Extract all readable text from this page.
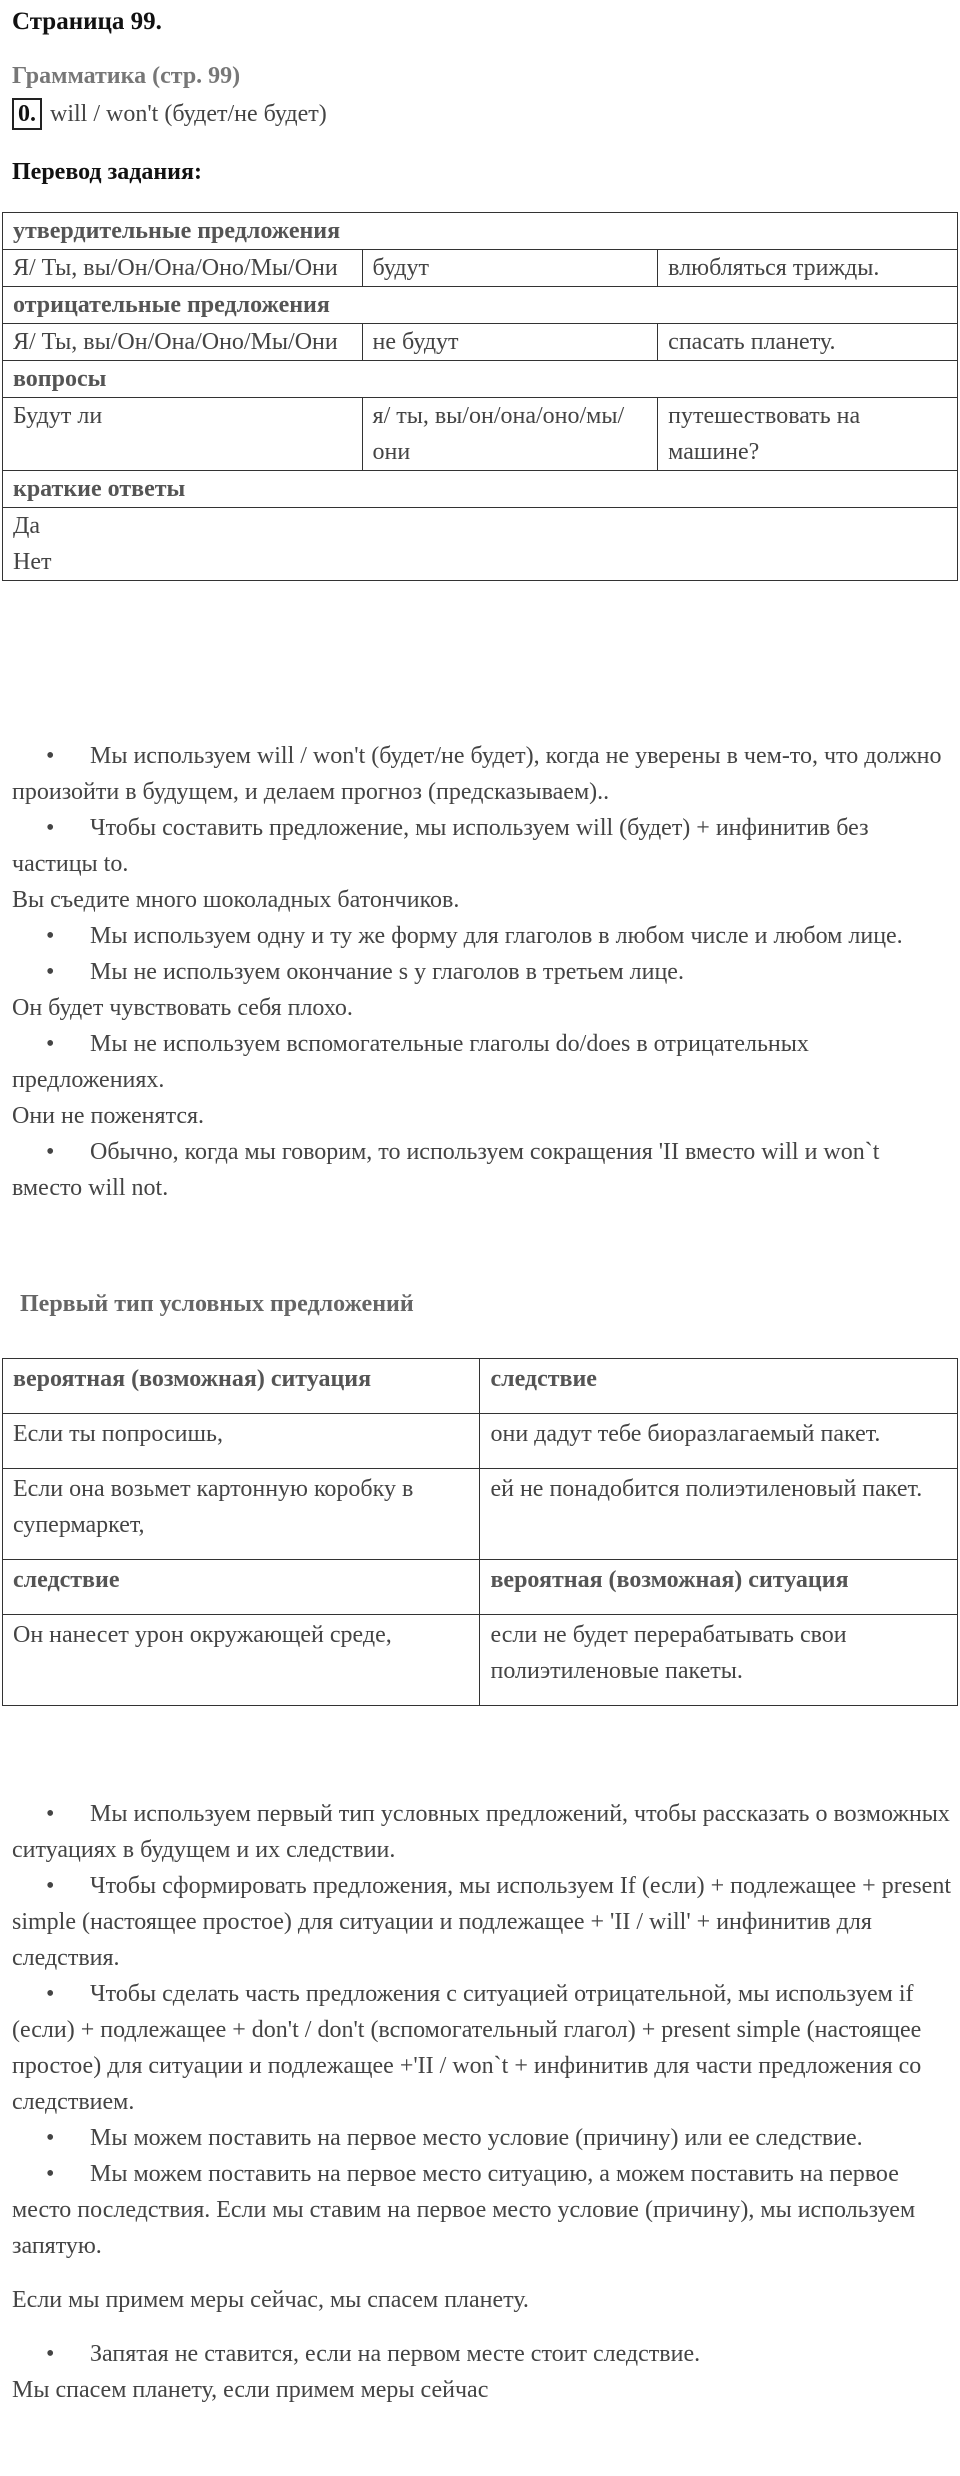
Страница 99.
Грамматика (стр. 99)
0. will / won't (будет/не будет)
Перевод задания:
утвердительные предложения		
Я/ Ты, вы/Он/Она/Оно/Мы/Они	будут	влюбляться трижды.
отрицательные предложения		
Я/ Ты, вы/Он/Она/Оно/Мы/Они	не будут	спасать планету.
вопросы		
Будут ли	я/ ты, вы/он/она/оно/мы/они	путешествовать на машине?
краткие ответы		

Да
Нет		
• Мы используем will / won't (будет/не будет), когда не уверены в чем-то, что должно произойти в будущем, и делаем прогноз (предсказываем)..
• Чтобы составить предложение, мы используем will (будет) + инфинитив без частицы to.
Вы съедите много шоколадных батончиков.
• Мы используем одну и ту же форму для глаголов в любом числе и любом лице.
• Мы не используем окончание s у глаголов в третьем лице.
Он будет чувствовать себя плохо.
• Мы не используем вспомогательные глаголы do/does в отрицательных предложениях.
Они не поженятся.
• Обычно, когда мы говорим, то используем сокращения 'II вместо will и won`t вместо will not.
Первый тип условных предложений
вероятная (возможная) ситуация	следствие
Если ты попросишь,	они дадут тебе биоразлагаемый пакет.
Если она возьмет картонную коробку в супермаркет,	ей не понадобится полиэтиленовый пакет.
следствие	вероятная (возможная) ситуация
Он нанесет урон окружающей среде,	если не будет перерабатывать свои полиэтиленовые пакеты.
• Мы используем первый тип условных предложений, чтобы рассказать о возможных ситуациях в будущем и их следствии.
• Чтобы сформировать предложения, мы используем If (если) + подлежащее + present simple (настоящее простое) для ситуации и подлежащее + 'II / will' + инфинитив для следствия.
• Чтобы сделать часть предложения с ситуацией отрицательной, мы используем if (если) + подлежащее + don't / don't (вспомогательный глагол) + present simple (настоящее простое) для ситуации и подлежащее +'II / won`t + инфинитив для части предложения со следствием.
• Мы можем поставить на первое место условие (причину) или ее следствие.
• Мы можем поставить на первое место ситуацию, а можем поставить на первое место последствия. Если мы ставим на первое место условие (причину), мы используем запятую.
Если мы примем меры сейчас, мы спасем планету.
• Запятая не ставится, если на первом месте стоит следствие.
Мы спасем планету, если примем меры сейчас
